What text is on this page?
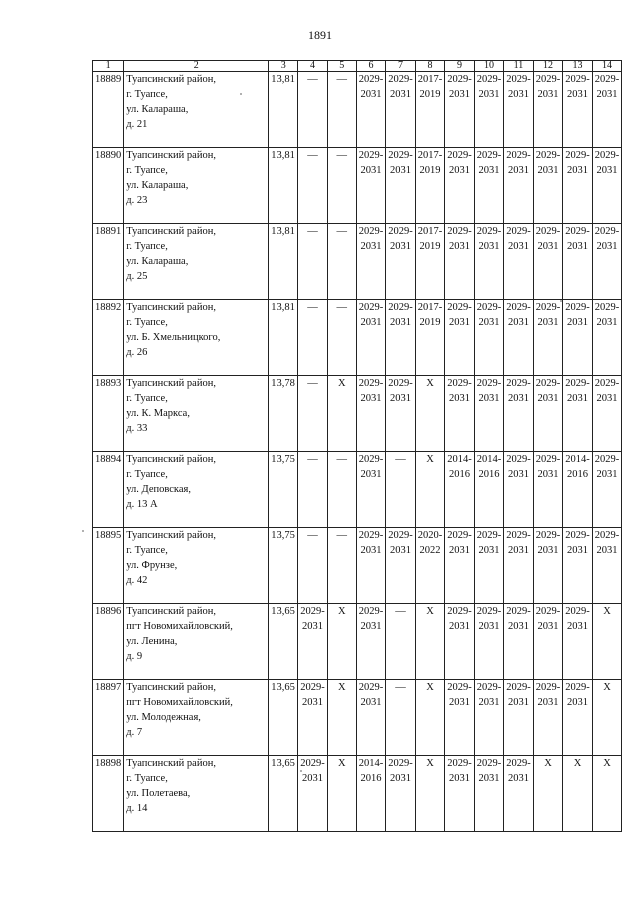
1891
1	2	3	4	5	6	7	8	9	10	11	12	13	14
18889	Туапсинский район,
г. Туапсе,
ул. Калараша,
д. 21	13,81	—	—	2029-
2031	2029-
2031	2017-
2019	2029-
2031	2029-
2031	2029-
2031	2029-
2031	2029-
2031	2029-
2031
18890	Туапсинский район,
г. Туапсе,
ул. Калараша,
д. 23	13,81	—	—	2029-
2031	2029-
2031	2017-
2019	2029-
2031	2029-
2031	2029-
2031	2029-
2031	2029-
2031	2029-
2031
18891	Туапсинский район,
г. Туапсе,
ул. Калараша,
д. 25	13,81	—	—	2029-
2031	2029-
2031	2017-
2019	2029-
2031	2029-
2031	2029-
2031	2029-
2031	2029-
2031	2029-
2031
18892	Туапсинский район,
г. Туапсе,
ул. Б. Хмельницкого,
д. 26	13,81	—	—	2029-
2031	2029-
2031	2017-
2019	2029-
2031	2029-
2031	2029-
2031	2029-
2031	2029-
2031	2029-
2031
18893	Туапсинский район,
г. Туапсе,
ул. К. Маркса,
д. 33	13,78	—	X	2029-
2031	2029-
2031	X	2029-
2031	2029-
2031	2029-
2031	2029-
2031	2029-
2031	2029-
2031
18894	Туапсинский район,
г. Туапсе,
ул. Деповская,
д. 13 А	13,75	—	—	2029-
2031	—	X	2014-
2016	2014-
2016	2029-
2031	2029-
2031	2014-
2016	2029-
2031
18895	Туапсинский район,
г. Туапсе,
ул. Фрунзе,
д. 42	13,75	—	—	2029-
2031	2029-
2031	2020-
2022	2029-
2031	2029-
2031	2029-
2031	2029-
2031	2029-
2031	2029-
2031
18896	Туапсинский район,
пгт Новомихайловский,
ул. Ленина,
д. 9	13,65	2029-
2031	X	2029-
2031	—	X	2029-
2031	2029-
2031	2029-
2031	2029-
2031	2029-
2031	X
18897	Туапсинский район,
пгт Новомихайловский,
ул. Молодежная,
д. 7	13,65	2029-
2031	X	2029-
2031	—	X	2029-
2031	2029-
2031	2029-
2031	2029-
2031	2029-
2031	X
18898	Туапсинский район,
г. Туапсе,
ул. Полетаева,
д. 14	13,65	2029-
2031	X	2014-
2016	2029-
2031	X	2029-
2031	2029-
2031	2029-
2031	X	X	X
